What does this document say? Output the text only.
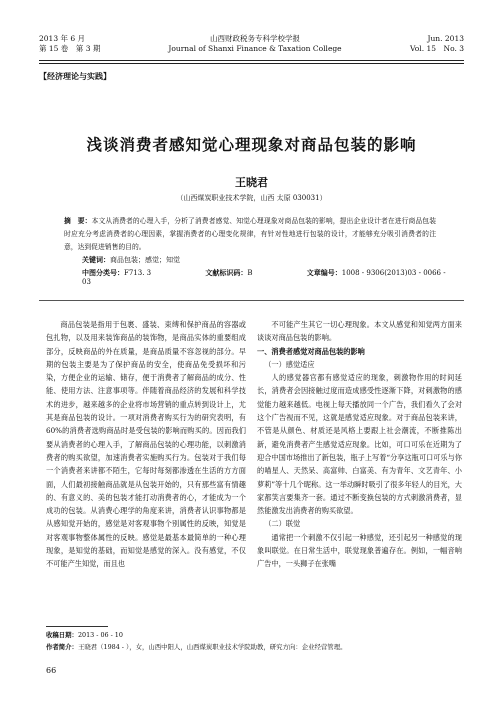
2013 年 6 月
第 15 卷　第 3 期
山西财政税务专科学校学报
Journal of Shanxi Finance & Taxation College
Jun. 2013
Vol. 15　No. 3
【经济理论与实践】
浅谈消费者感知觉心理现象对商品包装的影响
王晓君
（山西煤炭职业技术学院，山西 太原 030031）
摘　要：本文从消费者的心理入手，分析了消费者感觉、知觉心理现象对商品包装的影响，提出企业设计者在进行商品包装时应充分考虑消费者的心理因素，掌握消费者的心理变化规律，有针对性地进行包装的设计，才能够充分吸引消费者的注意，达到促进销售的目的。
关键词：商品包装；感觉；知觉
中图分类号：F713. 3	文献标识码：B	文章编号：1008 - 9306(2013)03 - 0066 - 03

商品包装是指用于包裹、盛装、束缚和保护商品的容器或包扎物，以及用来装饰商品的装饰物，是商品实体的重要组成部分，反映商品的外在质量，是商品质量不容忽视的部分。早期的包装主要是为了保护商品的安全，使商品免受损坏和污染，方便企业的运输、储存，便于消费者了解商品的成分、性能、使用方法、注意事项等。伴随着商品经济的发展和科学技术的进步，越来越多的企业将市场营销的重点转到设计上，尤其是商品包装的设计。一项对消费者购买行为的研究表明，有60%的消费者选购商品时是受包装的影响而购买的。因而我们要从消费者的心理入手，了解商品包装的心理功能，以刺激消费者的购买欲望，加速消费者实施购买行为。包装对于我们每一个消费者来讲都不陌生，它每时每刻都渗透在生活的方方面面，人们最初接触商品就是从包装开始的，只有那些富有情趣的、有意义的、美的包装才能打动消费者的心，才能成为一个成功的包装。从消费心理学的角度来讲，消费者认识事物都是从感知觉开始的，感觉是对客观事物个别属性的反映，知觉是对客观事物整体属性的反映。感觉是最基本最简单的一种心理现象，是知觉的基础，而知觉是感觉的深入。没有感觉，不仅不可能产生知觉，而且也

不可能产生其它一切心理现象。本文从感觉和知觉两方面来谈谈对商品包装的影响。

一、消费者感觉对商品包装的影响

（一）感觉适应

人的感觉器官都有感觉适应的现象，刺激物作用的时间延长，消费者会因接触过度而造成感受性逐渐下降，对刺激物的感觉能力越来越低。电视上每天播放同一个广告，我们看久了会对这个广告视而不见，这就是感觉适应现象。对于商品包装来讲，不管是从颜色、材质还是风格上要跟上社会潮流，不断推陈出新，避免消费者产生感觉适应现象。比如，可口可乐在近期为了迎合中国市场推出了新包装，瓶子上写着“分享这瓶可口可乐与你的喵星人、天然呆、高富帅、白富美、有为青年、文艺青年、小萝莉”等十几个昵称。这一举动瞬时吸引了很多年轻人的目光，大家都笑言要集齐一套。通过不断变换包装的方式刺激消费者，显然能激发出消费者的购买欲望。

（二）联觉

通常把一个刺激不仅引起一种感觉，还引起另一种感觉的现象叫联觉。在日常生活中，联觉现象普遍存在。例如，一幅音响广告中，一头狮子在张嘴

收稿日期：2013 - 06 - 10
作者简介：王晓君（1984 - ），女，山西中阳人，山西煤炭职业技术学院助教，研究方向：企业经营管理。
66
